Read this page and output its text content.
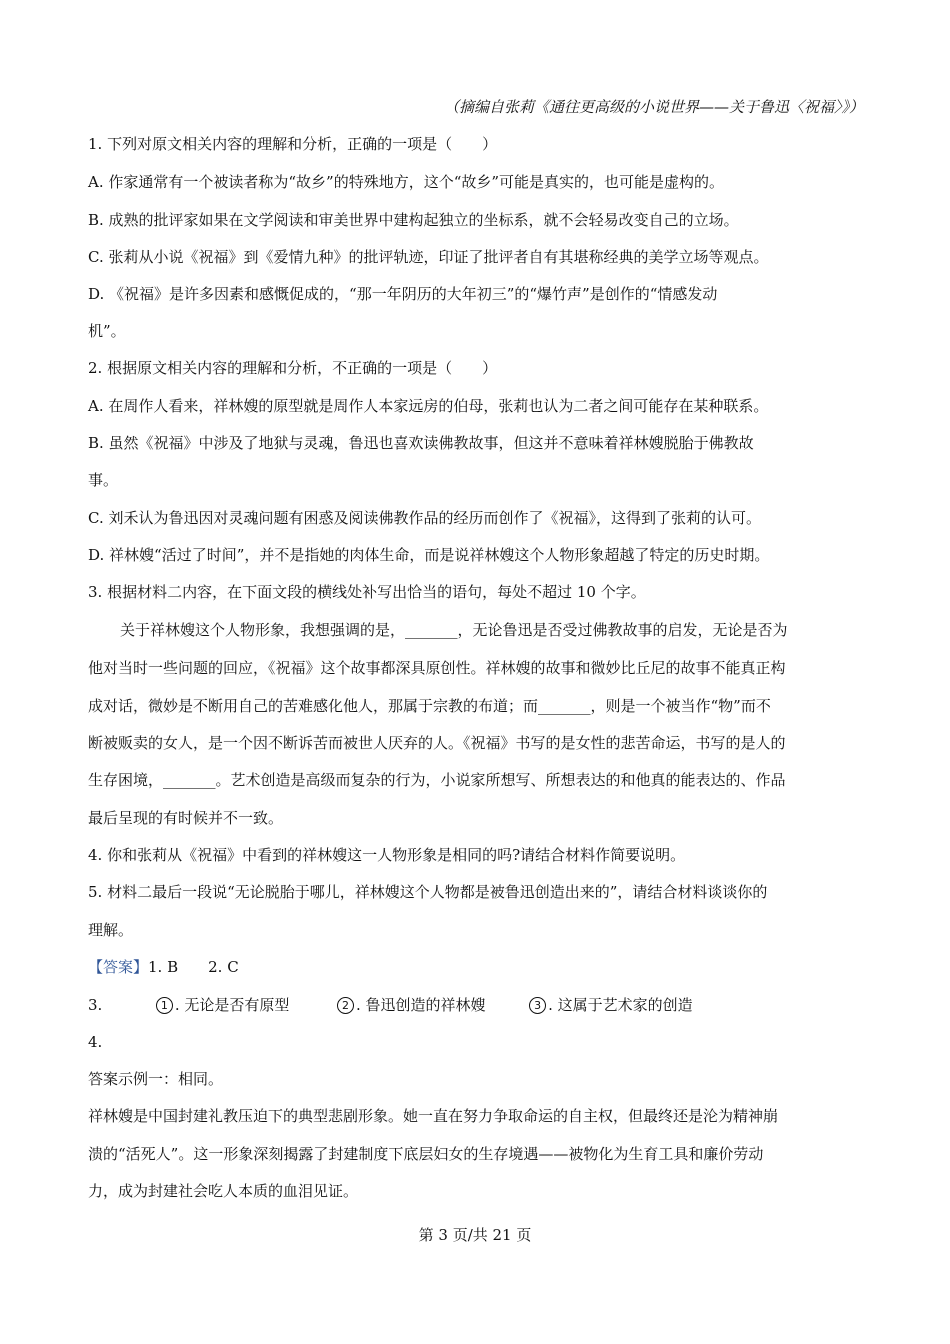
（摘编自张莉《通往更高级的小说世界——关于鲁迅〈祝福〉》）
1. 下列对原文相关内容的理解和分析，正确的一项是（　　）
A. 作家通常有一个被读者称为“故乡”的特殊地方，这个“故乡”可能是真实的，也可能是虚构的。
B. 成熟的批评家如果在文学阅读和审美世界中建构起独立的坐标系，就不会轻易改变自己的立场。
C. 张莉从小说《祝福》到《爱情九种》的批评轨迹，印证了批评者自有其堪称经典的美学立场等观点。
D. 《祝福》是许多因素和感慨促成的，“那一年阴历的大年初三”的“爆竹声”是创作的“情感发动
机”。
2. 根据原文相关内容的理解和分析，不正确的一项是（　　）
A. 在周作人看来，祥林嫂的原型就是周作人本家远房的伯母，张莉也认为二者之间可能存在某种联系。
B. 虽然《祝福》中涉及了地狱与灵魂，鲁迅也喜欢读佛教故事，但这并不意味着祥林嫂脱胎于佛教故
事。
C. 刘禾认为鲁迅因对灵魂问题有困惑及阅读佛教作品的经历而创作了《祝福》，这得到了张莉的认可。
D. 祥林嫂“活过了时间”，并不是指她的肉体生命，而是说祥林嫂这个人物形象超越了特定的历史时期。
3. 根据材料二内容，在下面文段的横线处补写出恰当的语句，每处不超过 10 个字。
关于祥林嫂这个人物形象，我想强调的是，_______，无论鲁迅是否受过佛教故事的启发，无论是否为
他对当时一些问题的回应，《祝福》这个故事都深具原创性。祥林嫂的故事和微妙比丘尼的故事不能真正构
成对话，微妙是不断用自己的苦难感化他人，那属于宗教的布道；而_______，则是一个被当作“物”而不
断被贩卖的女人，是一个因不断诉苦而被世人厌弃的人。《祝福》书写的是女性的悲苦命运，书写的是人的
生存困境，_______。艺术创造是高级而复杂的行为，小说家所想写、所想表达的和他真的能表达的、作品
最后呈现的有时候并不一致。
4. 你和张莉从《祝福》中看到的祥林嫂这一人物形象是相同的吗?请结合材料作简要说明。
5. 材料二最后一段说“无论脱胎于哪儿，祥林嫂这个人物都是被鲁迅创造出来的”，请结合材料谈谈你的
理解。
【答案】1. B 2. C
3.	1 . 无论是否有原型	2 . 鲁迅创造的祥林嫂	3 . 这属于艺术家的创造
4.
答案示例一：相同。
祥林嫂是中国封建礼教压迫下的典型悲剧形象。她一直在努力争取命运的自主权，但最终还是沦为精神崩
溃的“活死人”。这一形象深刻揭露了封建制度下底层妇女的生存境遇——被物化为生育工具和廉价劳动
力，成为封建社会吃人本质的血泪见证。
第 3 页/共 21 页
